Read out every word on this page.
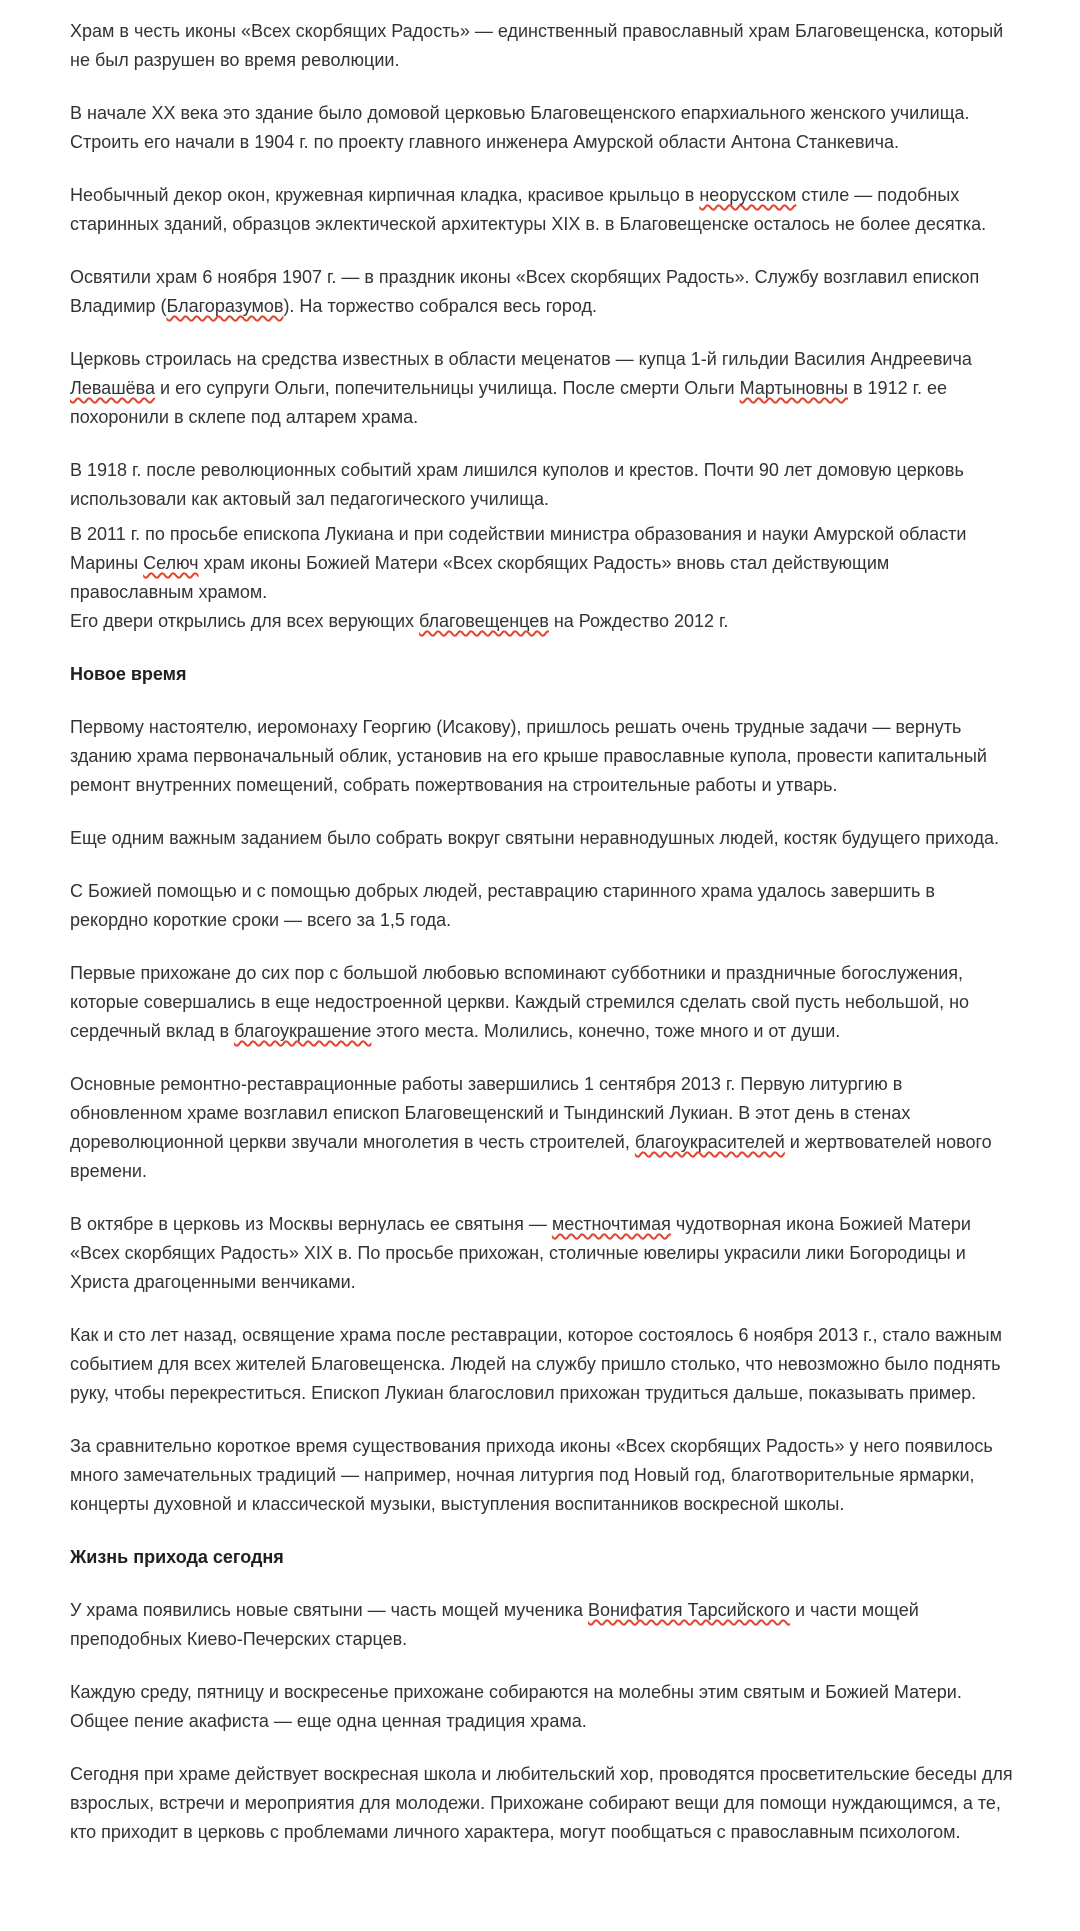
Храм в честь иконы «Всех скорбящих Радость» — единственный православный храм Благовещенска, который не был разрушен во время революции.

В начале XX века это здание было домовой церковью Благовещенского епархиального женского училища. Строить его начали в 1904 г. по проекту главного инженера Амурской области Антона Станкевича.

Необычный декор окон, кружевная кирпичная кладка, красивое крыльцо в неорусском стиле — подобных старинных зданий, образцов эклектической архитектуры XIX в. в Благовещенске осталось не более десятка.

Освятили храм 6 ноября 1907 г. — в праздник иконы «Всех скорбящих Радость». Службу возглавил епископ Владимир (Благоразумов). На торжество собрался весь город.

Церковь строилась на средства известных в области меценатов — купца 1-й гильдии Василия Андреевича Левашёва и его супруги Ольги, попечительницы училища. После смерти Ольги Мартыновны в 1912 г. ее похоронили в склепе под алтарем храма.

В 1918 г. после революционных событий храм лишился куполов и крестов. Почти 90 лет домовую церковь использовали как актовый зал педагогического училища.

В 2011 г. по просьбе епископа Лукиана и при содействии министра образования и науки Амурской области Марины Селюч храм иконы Божией Матери «Всех скорбящих Радость» вновь стал действующим православным храмом.

Его двери открылись для всех верующих благовещенцев на Рождество 2012 г.

Новое время

Первому настоятелю, иеромонаху Георгию (Исакову), пришлось решать очень трудные задачи — вернуть зданию храма первоначальный облик, установив на его крыше православные купола, провести капитальный ремонт внутренних помещений, собрать пожертвования на строительные работы и утварь.

Еще одним важным заданием было собрать вокруг святыни неравнодушных людей, костяк будущего прихода.

С Божией помощью и с помощью добрых людей, реставрацию старинного храма удалось завершить в рекордно короткие сроки — всего за 1,5 года.

Первые прихожане до сих пор с большой любовью вспоминают субботники и праздничные богослужения, которые совершались в еще недостроенной церкви. Каждый стремился сделать свой пусть небольшой, но сердечный вклад в благоукрашение этого места. Молились, конечно, тоже много и от души.

Основные ремонтно-реставрационные работы завершились 1 сентября 2013 г. Первую литургию в обновленном храме возглавил епископ Благовещенский и Тындинский Лукиан. В этот день в стенах дореволюционной церкви звучали многолетия в честь строителей, благоукрасителей и жертвователей нового времени.

В октябре в церковь из Москвы вернулась ее святыня — местночтимая чудотворная икона Божией Матери «Всех скорбящих Радость» XIX в. По просьбе прихожан, столичные ювелиры украсили лики Богородицы и Христа драгоценными венчиками.

Как и сто лет назад, освящение храма после реставрации, которое состоялось 6 ноября 2013 г., стало важным событием для всех жителей Благовещенска. Людей на службу пришло столько, что невозможно было поднять руку, чтобы перекреститься. Епископ Лукиан благословил прихожан трудиться дальше, показывать пример.

За сравнительно короткое время существования прихода иконы «Всех скорбящих Радость» у него появилось много замечательных традиций — например, ночная литургия под Новый год, благотворительные ярмарки, концерты духовной и классической музыки, выступления воспитанников воскресной школы.

Жизнь прихода сегодня

У храма появились новые святыни — часть мощей мученика Вонифатия Тарсийского и части мощей преподобных Киево-Печерских старцев.

Каждую среду, пятницу и воскресенье прихожане собираются на молебны этим святым и Божией Матери. Общее пение акафиста — еще одна ценная традиция храма.

Сегодня при храме действует воскресная школа и любительский хор, проводятся просветительские беседы для взрослых, встречи и мероприятия для молодежи. Прихожане собирают вещи для помощи нуждающимся, а те, кто приходит в церковь с проблемами личного характера, могут пообщаться с православным психологом.
